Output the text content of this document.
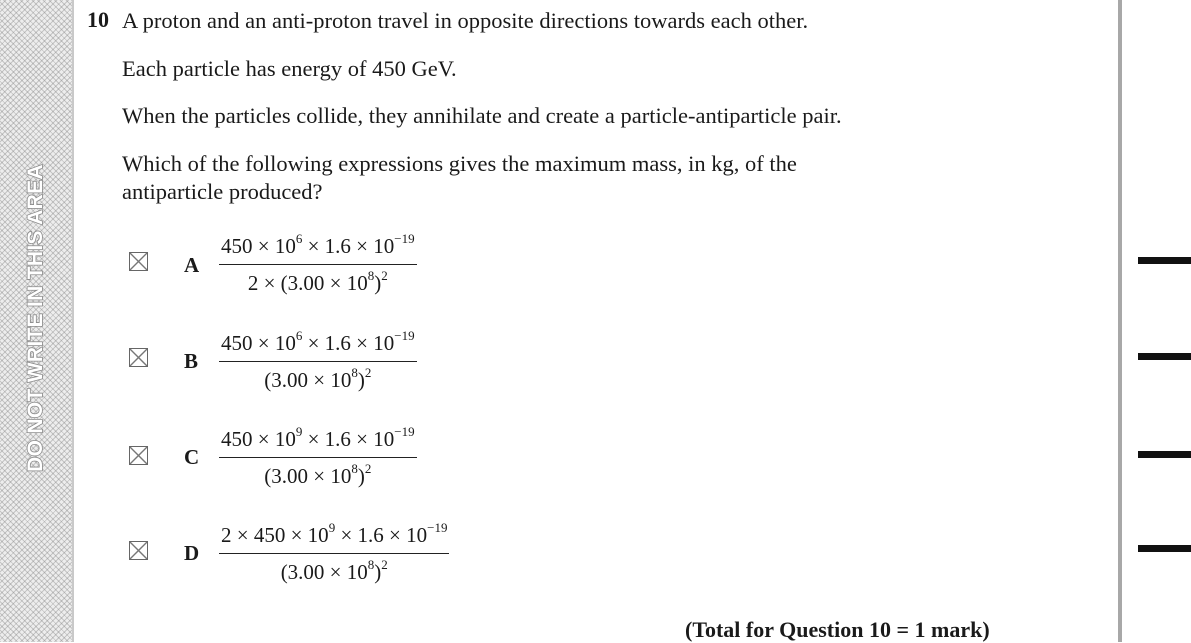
DO NOT WRITE IN THIS AREA
10 A proton and an anti-proton travel in opposite directions towards each other.
Each particle has energy of 450 GeV.
When the particles collide, they annihilate and create a particle-antiparticle pair.
Which of the following expressions gives the maximum mass, in kg, of the
antiparticle produced?
A $\frac{450 \times 10^6 \times 1.6 \times 10^{-19}}{2 \times (3.00 \times 10^8)^2}$
B $\frac{450 \times 10^6 \times 1.6 \times 10^{-19}}{(3.00 \times 10^8)^2}$
C $\frac{450 \times 10^9 \times 1.6 \times 10^{-19}}{(3.00 \times 10^8)^2}$
D $\frac{2 \times 450 \times 10^9 \times 1.6 \times 10^{-19}}{(3.00 \times 10^8)^2}$
(Total for Question 10 = 1 mark)
